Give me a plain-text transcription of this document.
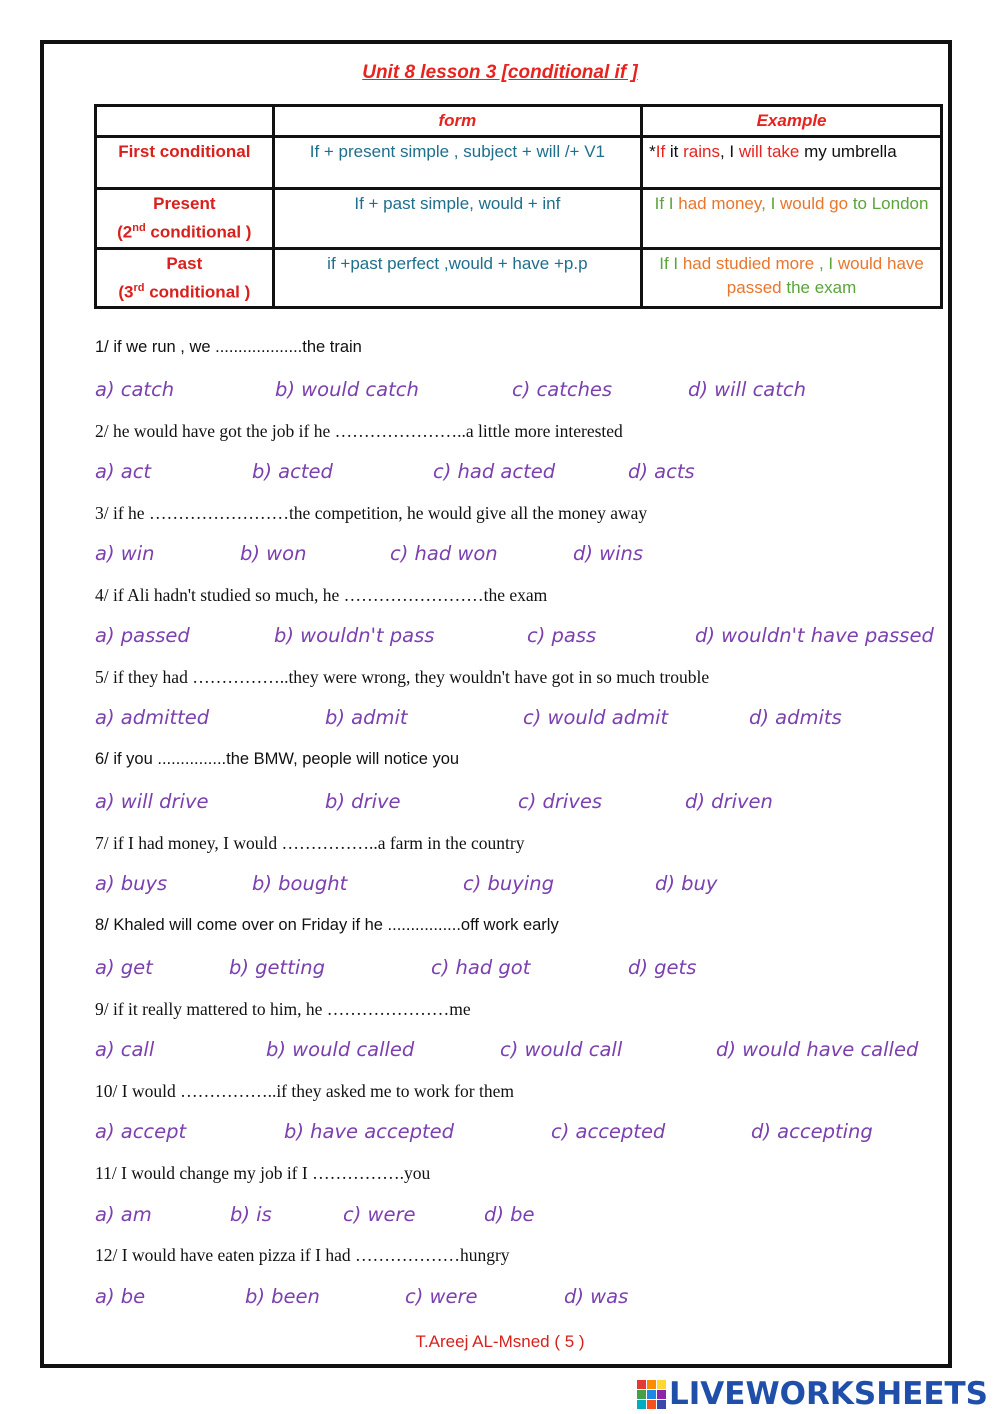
Unit 8 lesson 3 [conditional if ]
	form	Example
First conditional	If + present simple , subject + will /+ V1	*If it rains, I will take my umbrella
Present
(2nd conditional )	If + past simple, would + inf	If I had money, I would go to London
Past
(3rd conditional )	if +past perfect ,would + have +p.p	If I had studied more , I would have passed the exam
1/ if we run , we ...................the train
2/ he would have got the job if he …………………..a little more interested
3/ if he ……………………the competition, he would give all the money away
4/ if Ali hadn't studied so much, he ……………………the exam
5/ if they had ……………..they were wrong, they wouldn't have got in so much trouble
6/ if you ...............the BMW, people will notice you
7/ if I had money, I would ……………..a farm in the country
8/ Khaled will come over on Friday if he ................off work early
9/ if it really mattered to him, he …………………me
10/ I would ……………..if they asked me to work for them
11/ I would change my job if I …………….you
12/ I would have eaten pizza if I had ………………hungry
a) catch	b) would catch	c) catches	d) will catch
a) act	b) acted	c) had acted	d) acts
a) win	b) won	c) had won	d) wins
a) passed	b) wouldn't pass	c) pass	d) wouldn't have passed
a) admitted	b) admit	c) would admit	d) admits
a) will drive	b) drive	c) drives	d) driven
a) buys	b) bought	c) buying	d) buy
a) get	b) getting	c) had got	d) gets
a) call	b) would called	c) would call	d) would have called
a) accept	b) have accepted	c) accepted	d) accepting
a) am	b) is	c) were	d) be
a) be	b) been	c) were	d) was
T.Areej AL-Msned ( 5 )
LIVEWORKSHEETS
